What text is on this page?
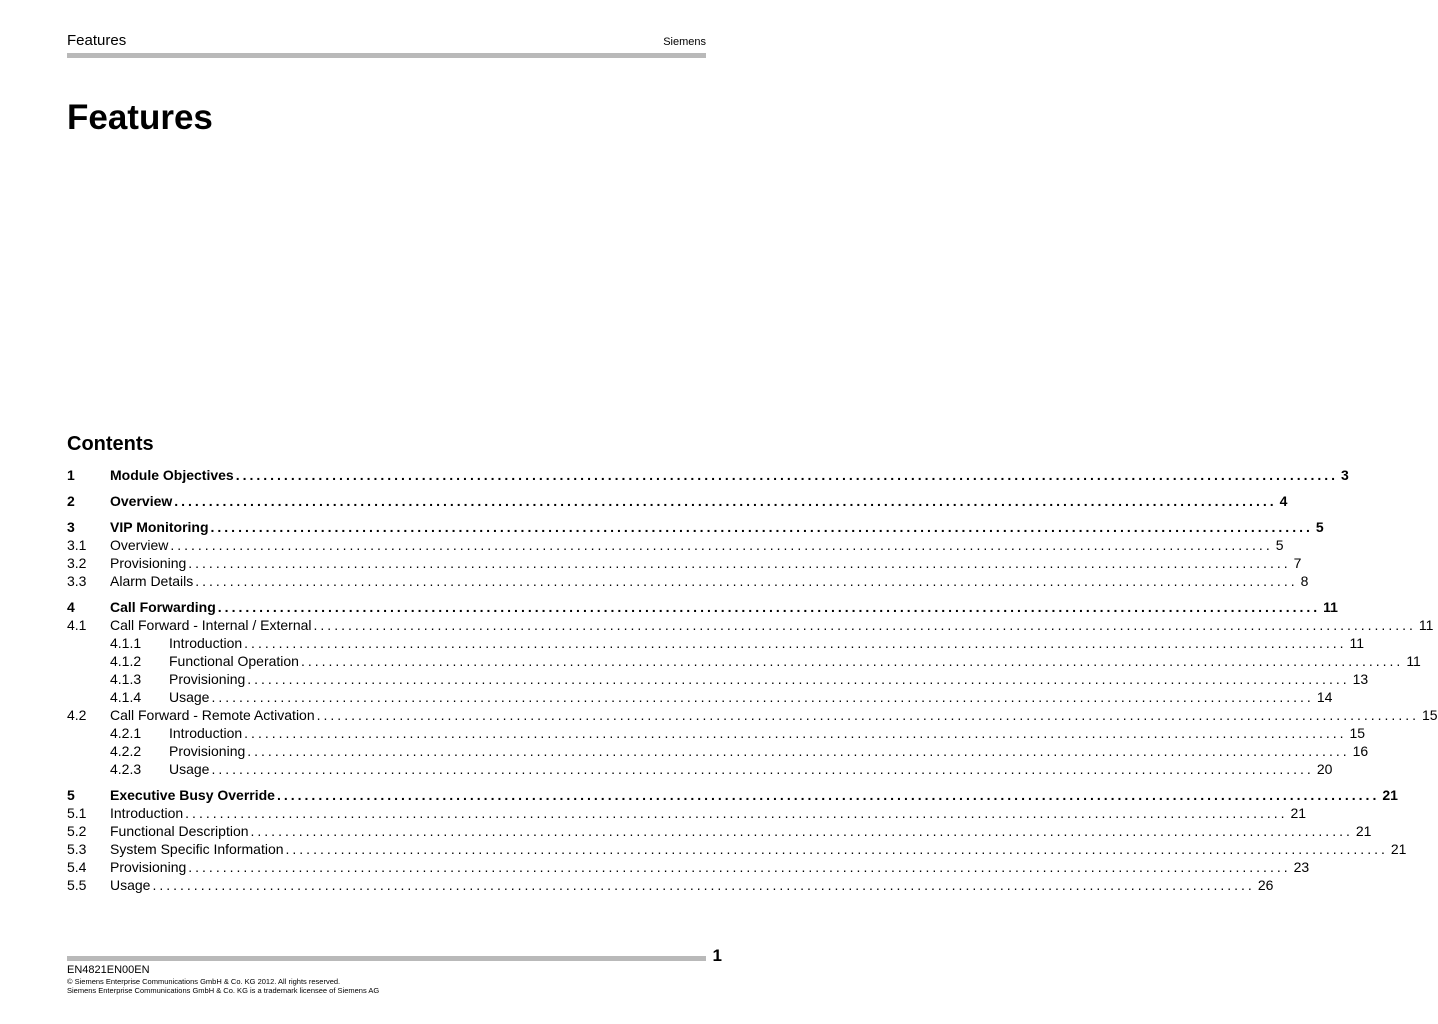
Features	Siemens
Features
Contents
1	Module Objectives ................................................................................................................................................................ 3
2	Overview ................................................................................................................................................................ 4
3	VIP Monitoring ................................................................................................................................................................ 5
3.1 Overview ................................................................................................................................................................ 5
3.2 Provisioning ................................................................................................................................................................ 7
3.3 Alarm Details ................................................................................................................................................................ 8
4	Call Forwarding ................................................................................................................................................................ 11
4.1 Call Forward - Internal / External ................................................................................................................................................................ 11
4.1.1 Introduction ................................................................................................................................................................ 11
4.1.2 Functional Operation ................................................................................................................................................................ 11
4.1.3 Provisioning ................................................................................................................................................................ 13
4.1.4 Usage ................................................................................................................................................................ 14
4.2 Call Forward - Remote Activation ................................................................................................................................................................ 15
4.2.1 Introduction ................................................................................................................................................................ 15
4.2.2 Provisioning ................................................................................................................................................................ 16
4.2.3 Usage ................................................................................................................................................................ 20
5	Executive Busy Override ................................................................................................................................................................ 21
5.1 Introduction ................................................................................................................................................................ 21
5.2 Functional Description ................................................................................................................................................................ 21
5.3 System Specific Information ................................................................................................................................................................ 21
5.4 Provisioning ................................................................................................................................................................ 23
5.5 Usage ................................................................................................................................................................ 26
1
EN4821EN00EN
© Siemens Enterprise Communications GmbH & Co. KG 2012. All rights reserved.
Siemens Enterprise Communications GmbH & Co. KG is a trademark licensee of Siemens AG
